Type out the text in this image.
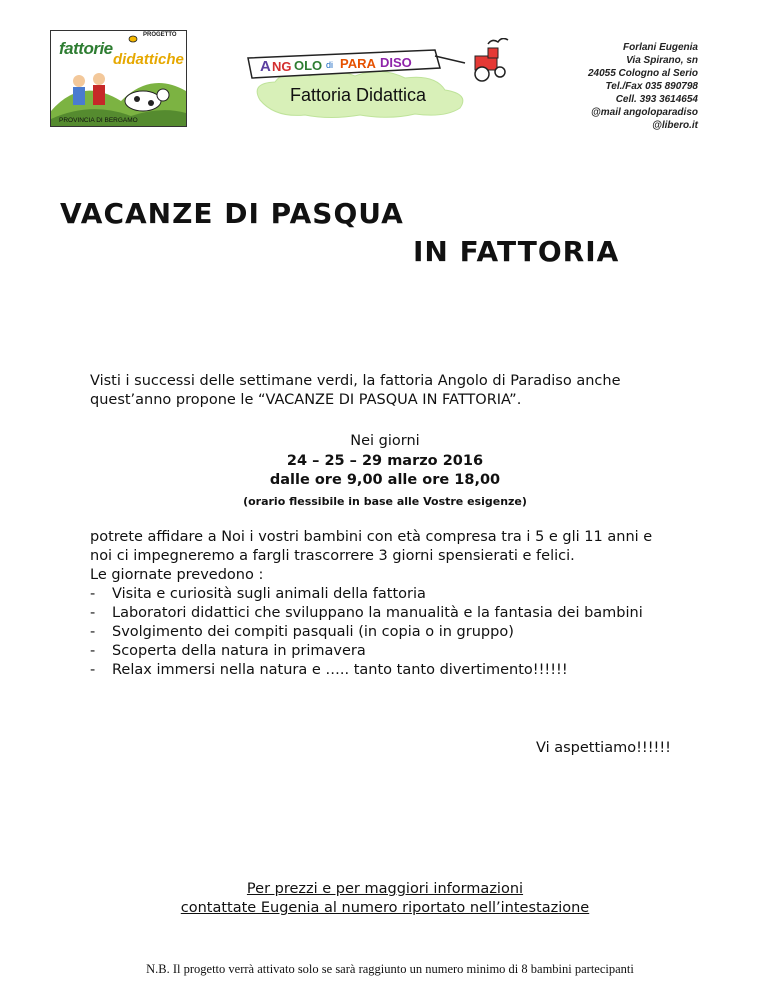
PROGETTO
fattorie
didattiche
PROVINCIA DI BERGAMO
A NG OLO di PARA DISO
Fattoria Didattica
Forlani Eugenia
Via Spirano, sn
24055 Cologno al Serio
Tel./Fax 035 890798
Cell. 393 3614654
@mail angoloparadiso
@libero.it
VACANZE DI PASQUA
IN FATTORIA
Visti i successi delle settimane verdi, la fattoria Angolo di Paradiso anche quest’anno propone le “VACANZE DI PASQUA IN FATTORIA”.
Nei giorni
24 – 25 – 29 marzo 2016
dalle ore 9,00 alle ore 18,00
(orario flessibile in base alle Vostre esigenze)
potrete affidare a Noi i vostri bambini con età compresa tra i 5 e gli 11 anni e
noi ci impegneremo a fargli trascorrere 3 giorni spensierati e felici.
Le giornate prevedono :
- Visita e curiosità sugli animali della fattoria
- Laboratori didattici che sviluppano la manualità e la fantasia dei bambini
- Svolgimento dei compiti pasquali (in copia o in gruppo)
- Scoperta della natura in primavera
- Relax immersi nella natura e ….. tanto tanto divertimento!!!!!!
Vi aspettiamo!!!!!!
Per prezzi e per maggiori informazioni
contattate Eugenia al numero riportato nell’intestazione
N.B. Il progetto verrà attivato solo se sarà raggiunto un numero minimo di 8 bambini partecipanti
